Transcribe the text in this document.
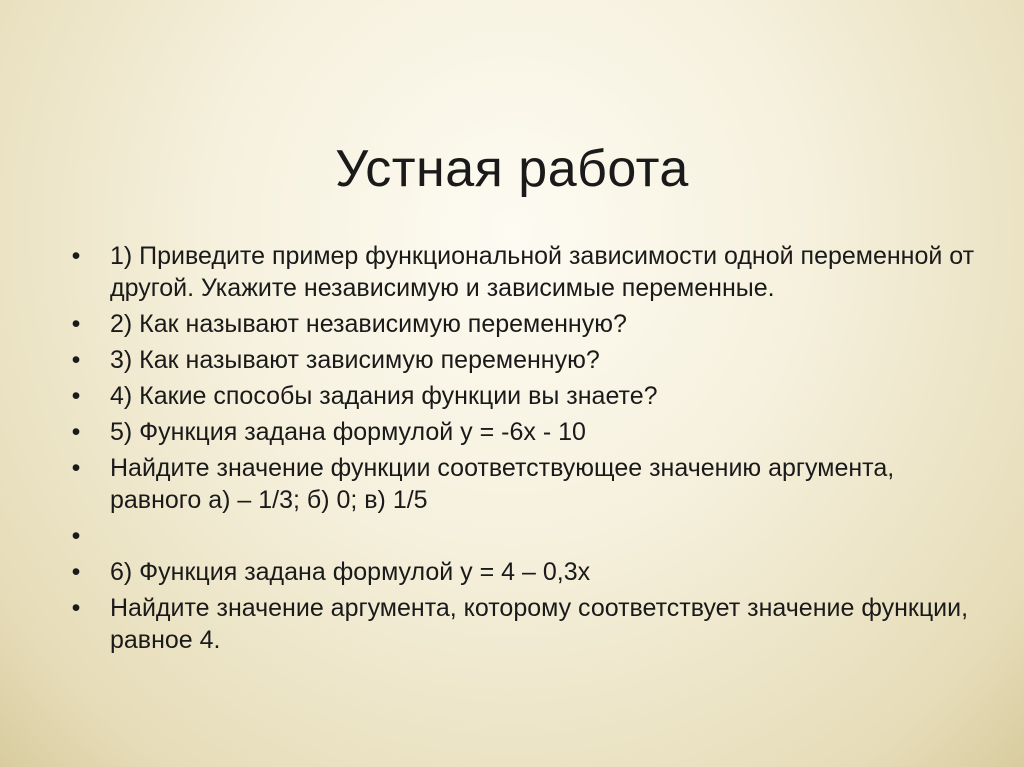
Устная работа
• 1) Приведите пример функциональной зависимости одной переменной от другой. Укажите независимую и зависимые переменные.
• 2) Как называют независимую переменную?
• 3) Как называют зависимую переменную?
• 4) Какие способы задания функции вы знаете?
• 5) Функция задана формулой y = -6x - 10
• Найдите значение функции соответствующее значению аргумента, равного а) – 1/3; б) 0; в) 1/5
•
• 6) Функция задана формулой y = 4 – 0,3x
• Найдите значение аргумента, которому соответствует значение функции, равное 4.
